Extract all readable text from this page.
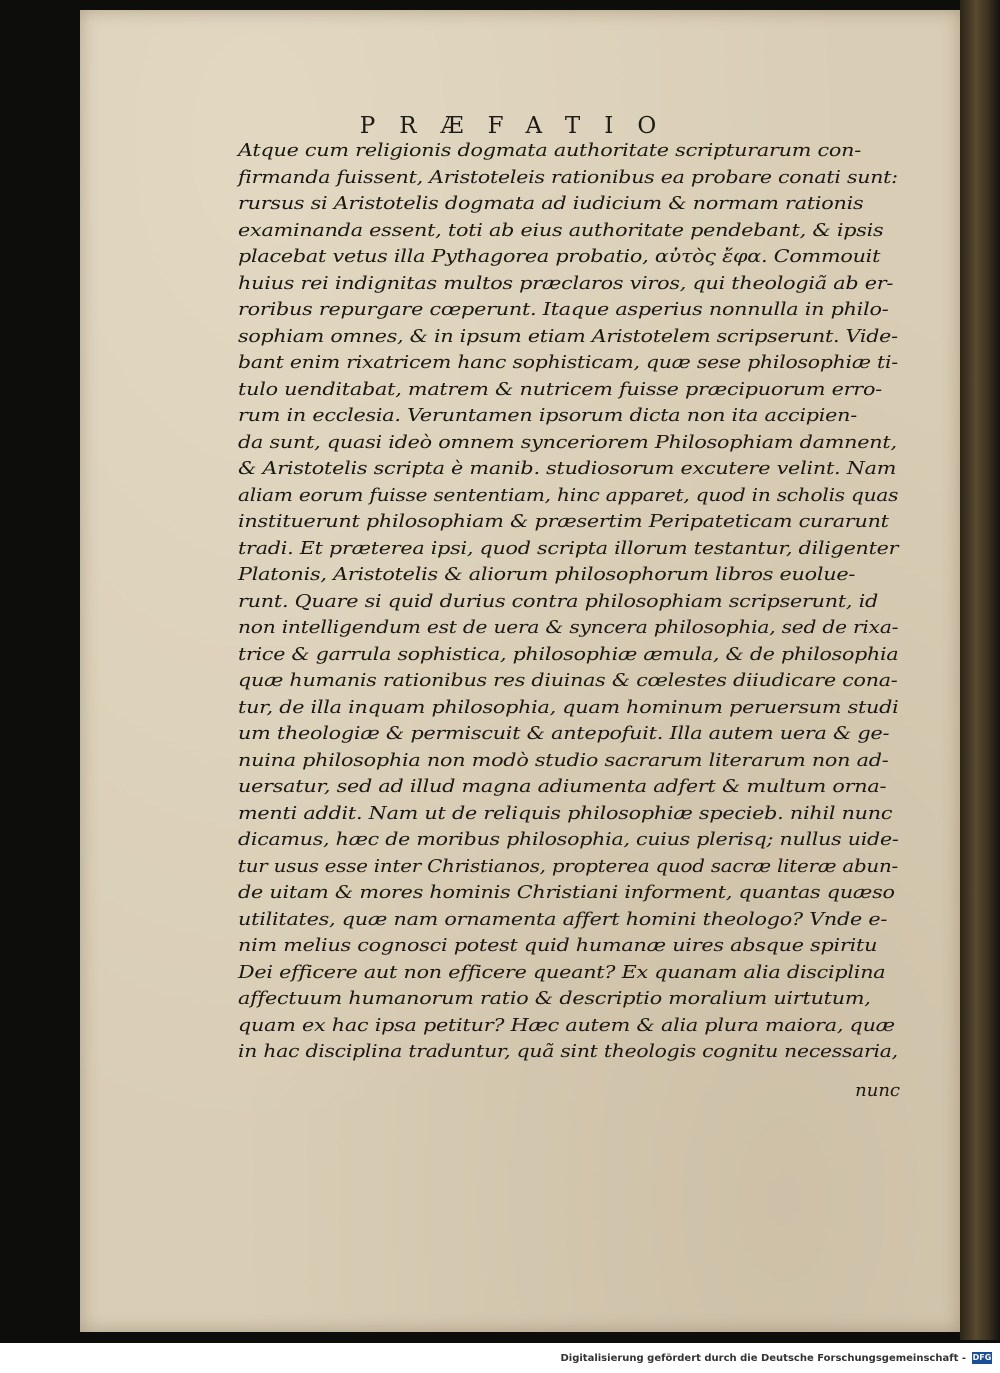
PRÆFATIO
Atque cum religionis dogmata authoritate scripturarum con-
firmanda fuissent, Aristoteleis rationibus ea probare conati sunt:
rursus si Aristotelis dogmata ad iudicium & normam rationis
examinanda essent, toti ab eius authoritate pendebant, & ipsis
placebat vetus illa Pythagorea probatio, αὐτὸς ἔφα. Commouit
huius rei indignitas multos præclaros viros, qui theologiã ab er-
roribus repurgare cœperunt. Itaque asperius nonnulla in philo-
sophiam omnes, & in ipsum etiam Aristotelem scripserunt. Vide-
bant enim rixatricem hanc sophisticam, quæ sese philosophiæ ti-
tulo uenditabat, matrem & nutricem fuisse præcipuorum erro-
rum in ecclesia. Veruntamen ipsorum dicta non ita accipien-
da sunt, quasi ideò omnem synceriorem Philosophiam damnent,
& Aristotelis scripta è manib. studiosorum excutere velint. Nam
aliam eorum fuisse sententiam, hinc apparet, quod in scholis quas
instituerunt philosophiam & præsertim Peripateticam curarunt
tradi. Et præterea ipsi, quod scripta illorum testantur, diligenter
Platonis, Aristotelis & aliorum philosophorum libros euolue-
runt. Quare si quid durius contra philosophiam scripserunt, id
non intelligendum est de uera & syncera philosophia, sed de rixa-
trice & garrula sophistica, philosophiæ æmula, & de philosophia
quæ humanis rationibus res diuinas & cœlestes diiudicare cona-
tur, de illa inquam philosophia, quam hominum peruersum studi
um theologiæ & permiscuit & antepofuit. Illa autem uera & ge-
nuina philosophia non modò studio sacrarum literarum non ad-
uersatur, sed ad illud magna adiumenta adfert & multum orna-
menti addit. Nam ut de reliquis philosophiæ specieb. nihil nunc
dicamus, hæc de moribus philosophia, cuius plerisq; nullus uide-
tur usus esse inter Christianos, propterea quod sacræ literæ abun-
de uitam & mores hominis Christiani informent, quantas quæso
utilitates, quæ nam ornamenta affert homini theologo? Vnde e-
nim melius cognosci potest quid humanæ uires absque spiritu
Dei efficere aut non efficere queant? Ex quanam alia disciplina
affectuum humanorum ratio & descriptio moralium uirtutum,
quam ex hac ipsa petitur? Hæc autem & alia plura maiora, quæ
in hac disciplina traduntur, quã sint theologis cognitu necessaria,
nunc
Digitalisierung gefördert durch die Deutsche Forschungsgemeinschaft - DFG
